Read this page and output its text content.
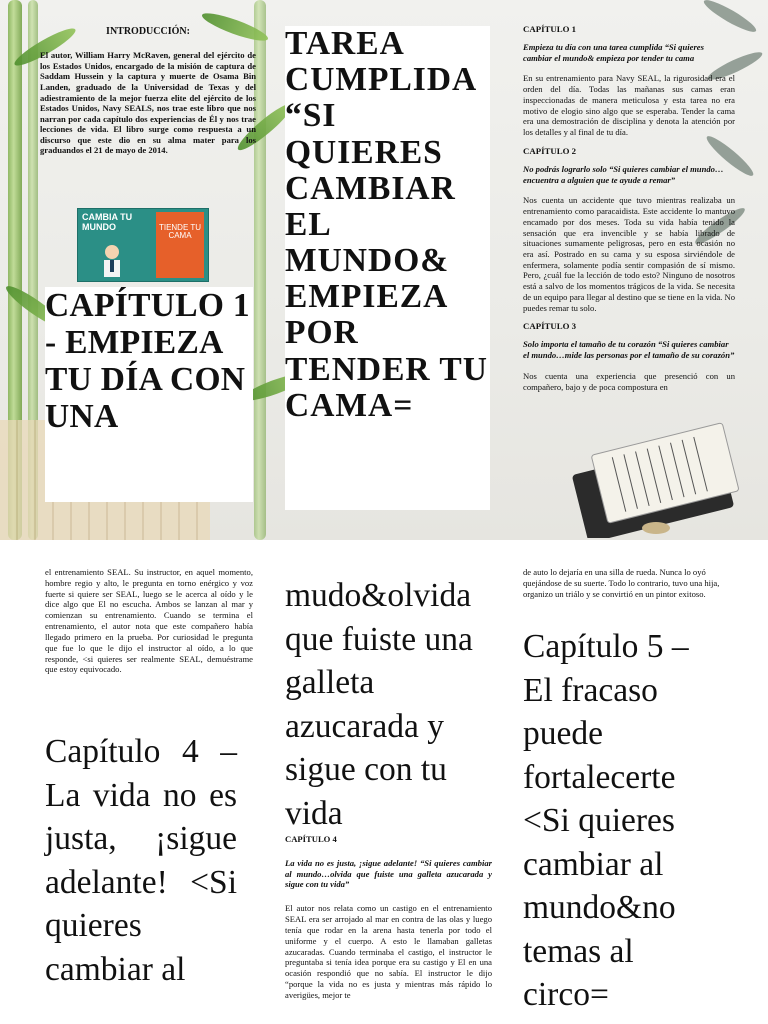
INTRODUCCIÓN:

El autor, William Harry McRaven, general del ejército de los Estados Unidos, encargado de la misión de captura de Saddam Hussein y la captura y muerte de Osama Bin Landen, graduado de la Universidad de Texas y del adiestramiento de la mejor fuerza elite del ejército de los Estados Unidos, Navy SEALS, nos trae este libro que nos narran por cada capítulo dos experiencias de Él y nos trae lecciones de vida. El libro surge como respuesta a un discurso que este dio en su alma mater para los graduandos el 21 de mayo de 2014.

CAMBIA TU MUNDO	TIENDE TU CAMA
CAPÍTULO 1 - EMPIEZA TU DÍA CON UNA
TAREA CUMPLIDA “SI QUIERES CAMBIAR EL MUNDO& EMPIEZA POR TENDER TU CAMA=

CAPÍTULO 1

Empieza tu día con una tarea cumplida “Si quieres cambiar el mundo& empieza por tender tu cama

En su entrenamiento para Navy SEAL, la rigurosidad era el orden del día. Todas las mañanas sus camas eran inspeccionadas de manera meticulosa y esta tarea no era motivo de elogio sino algo que se esperaba. Tender la cama era una demostración de disciplina y denota la atención por los detalles y al final de tu día.

CAPÍTULO 2

No podrás lograrlo solo “Si quieres cambiar el mundo…encuentra a alguien que te ayude a remar”

Nos cuenta un accidente que tuvo mientras realizaba un entrenamiento como paracaidista. Este accidente lo mantuvo encamado por dos meses. Toda su vida había tenido la sensación que era invencible y se había librado de situaciones sumamente peligrosas, pero en esta ocasión no era así. Postrado en su cama y su esposa sirviéndole de enfermera, solamente podía sentir compasión de sí mismo. Pero, ¿cuál fue la lección de todo esto? Ninguno de nosotros está a salvo de los momentos trágicos de la vida. Se necesita de un equipo para llegar al destino que se tiene en la vida. No puedes remar tu solo.

CAPÍTULO 3

Solo importa el tamaño de tu corazón “Si quieres cambiar el mundo…mide las personas por el tamaño de su corazón”

Nos cuenta una experiencia que presenció con un compañero, bajo y de poca compostura en

el entrenamiento SEAL. Su instructor, en aquel momento, hombre regio y alto, le pregunta en torno enérgico y voz fuerte si quiere ser SEAL, luego se le acerca al oído y le dice algo que El no escucha. Ambos se lanzan al mar y comienzan su entrenamiento. Cuando se termina el entrenamiento, el autor nota que este compañero había llegado primero en la prueba. Por curiosidad le pregunta que fue lo que le dijo el instructor al oído, a lo que responde, <si quieres ser realmente SEAL, demuéstrame que estoy equivocado.
Capítulo 4 – La vida no es justa, ¡sigue adelante! <Si quieres cambiar al
mudo&olvida que fuiste una galleta azucarada y sigue con tu vida

CAPÍTULO 4

La vida no es justa, ¡sigue adelante! “Si quieres cambiar al mundo…olvida que fuiste una galleta azucarada y sigue con tu vida”

El autor nos relata como un castigo en el entrenamiento SEAL era ser arrojado al mar en contra de las olas y luego tenía que rodar en la arena hasta tenerla por todo el uniforme y el cuerpo. A esto le llamaban galletas azucaradas. Cuando terminaba el castigo, el instructor le preguntaba si tenía idea porque era su castigo y El en una ocasión respondió que no sabía. El instructor le dijo “porque la vida no es justa y mientras más rápido lo averigües, mejor te

de auto lo dejaría en una silla de rueda. Nunca lo oyó quejándose de su suerte. Todo lo contrario, tuvo una hija, organizo un triálo y se convirtió en un pintor exitoso.
Capítulo 5 – El fracaso puede fortalecerte <Si quieres cambiar al mundo&no temas al circo=
